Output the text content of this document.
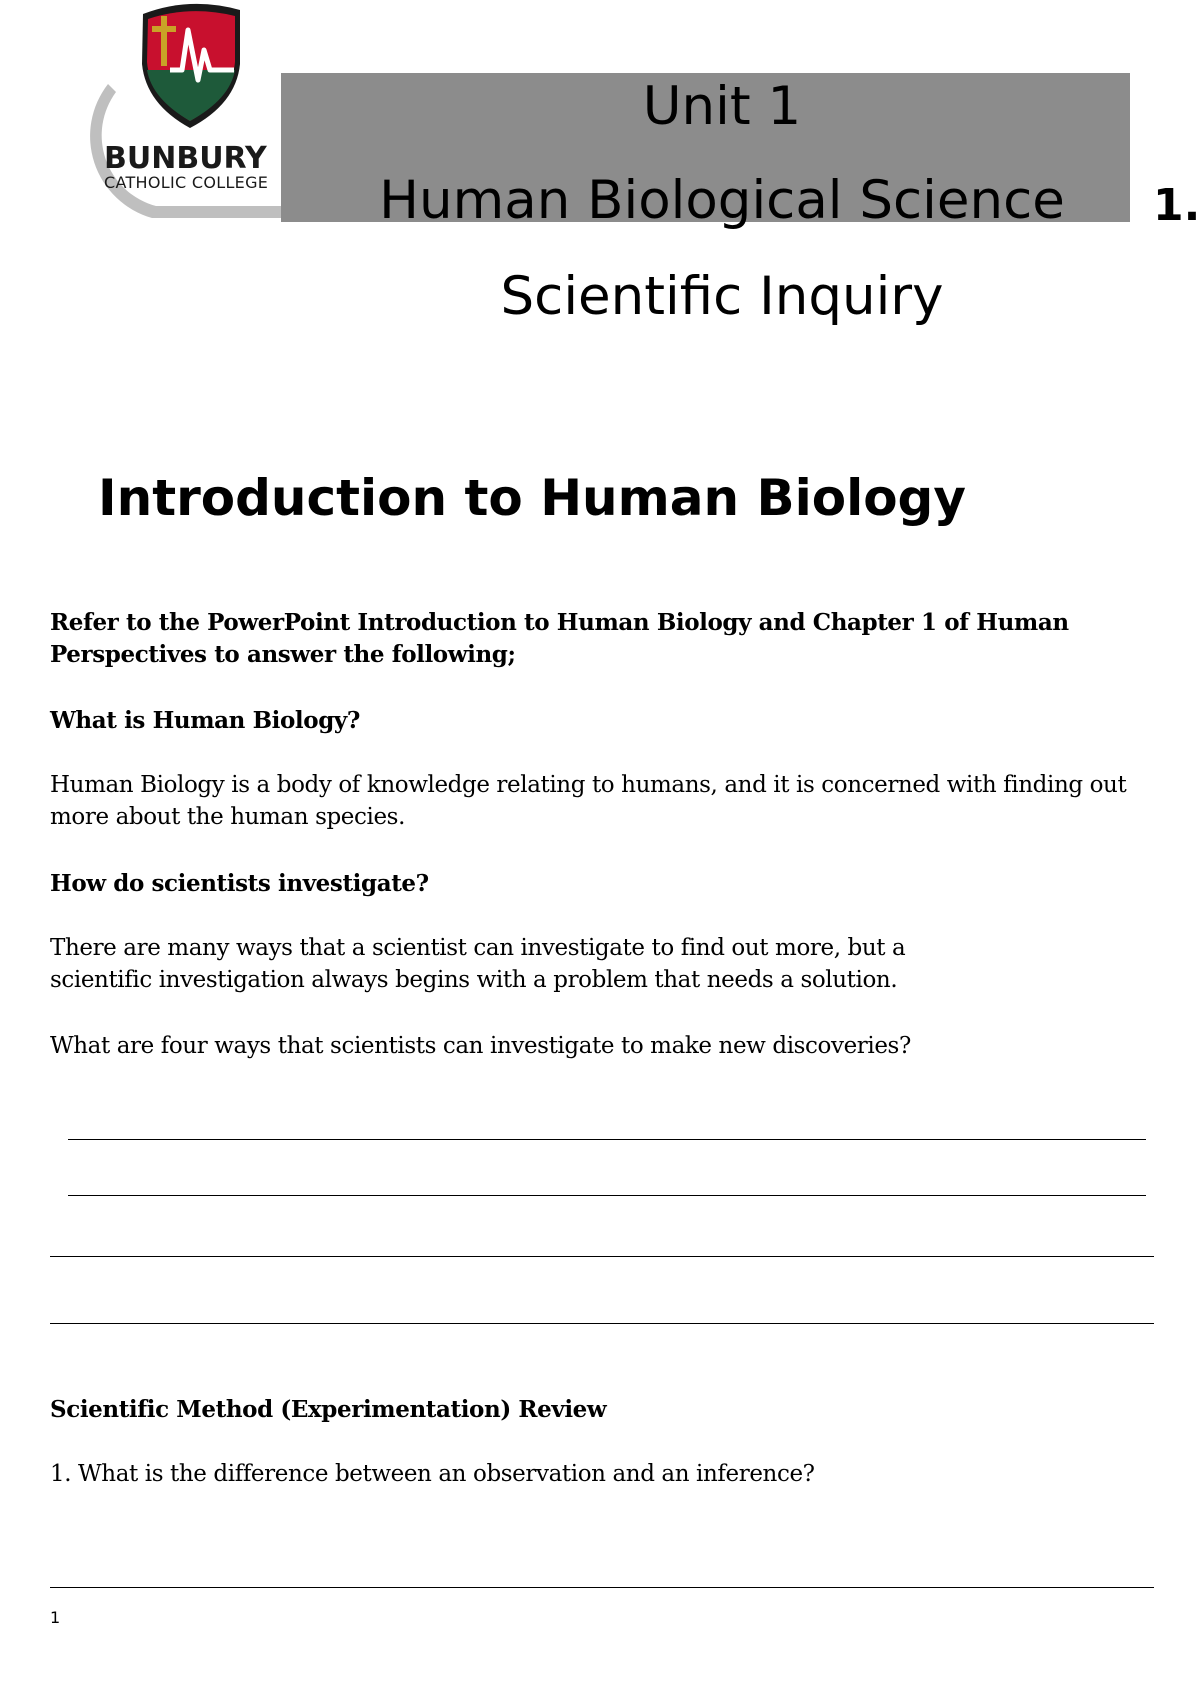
BUNBURY
CATHOLIC COLLEGE
Unit 1
Human Biological Science	1.
Scientific Inquiry
Introduction to Human Biology
Refer to the PowerPoint Introduction to Human Biology and Chapter 1 of Human Perspectives to answer the following;
What is Human Biology?
Human Biology is a body of knowledge relating to humans, and it is concerned with finding out more about the human species.
How do scientists investigate?
There are many ways that a scientist can investigate to find out more, but a scientific investigation always begins with a problem that needs a solution.
What are four ways that scientists can investigate to make new discoveries?
Scientific Method (Experimentation) Review
1. What is the difference between an observation and an inference?
1
